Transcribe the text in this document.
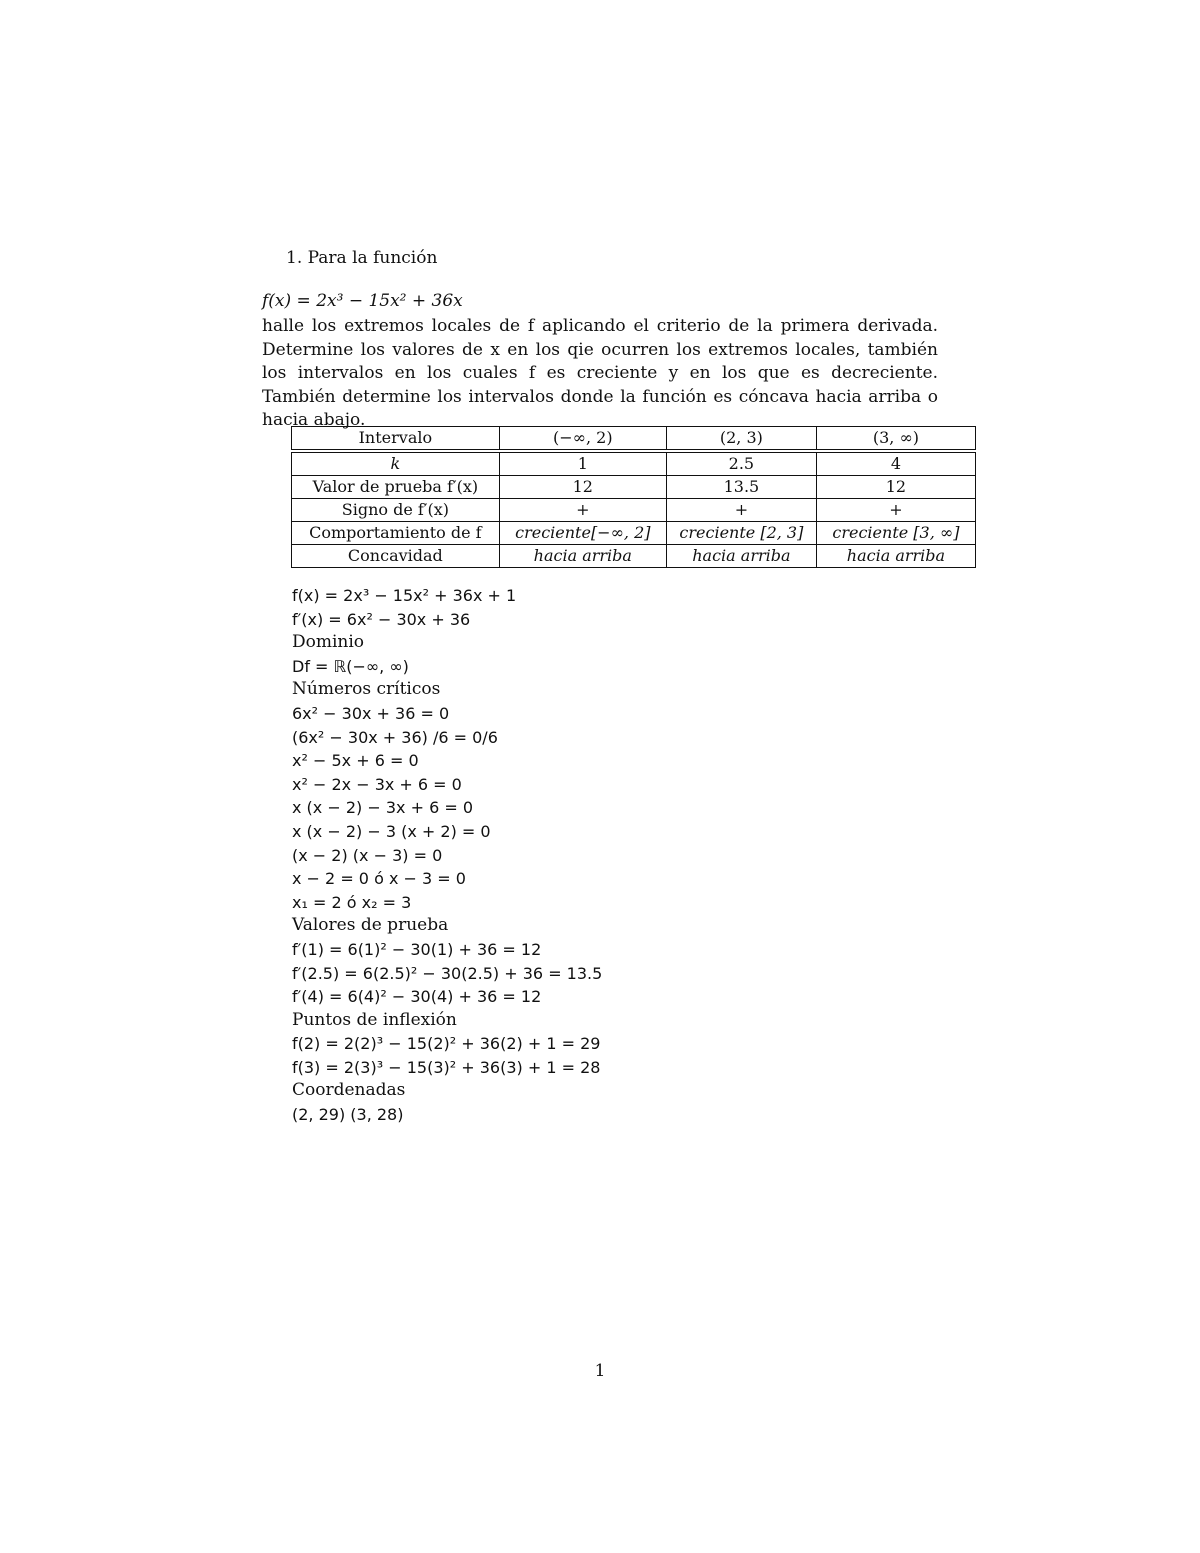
1. Para la función
f(x) = 2x³ − 15x² + 36x
halle los extremos locales de f aplicando el criterio de la primera derivada. Determine los valores de x en los qie ocurren los extremos locales, también los intervalos en los cuales f es creciente y en los que es decreciente. También determine los intervalos donde la función es cóncava hacia arriba o hacia abajo.
Intervalo	(−∞, 2)	(2, 3)	(3, ∞)
k	1	2.5	4
Valor de prueba f′(x)	12	13.5	12
Signo de f′(x)	+	+	+
Comportamiento de f	creciente[−∞, 2]	creciente [2, 3]	creciente [3, ∞]
Concavidad	hacia arriba	hacia arriba	hacia arriba
f(x) = 2x³ − 15x² + 36x + 1
f′(x) = 6x² − 30x + 36
Dominio
Df = ℝ(−∞, ∞)
Números críticos
6x² − 30x + 36 = 0
(6x² − 30x + 36) /6 = 0/6
x² − 5x + 6 = 0
x² − 2x − 3x + 6 = 0
x (x − 2) − 3x + 6 = 0
x (x − 2) − 3 (x + 2) = 0
(x − 2) (x − 3) = 0
x − 2 = 0 ó x − 3 = 0
x₁ = 2 ó x₂ = 3
Valores de prueba
f′(1) = 6(1)² − 30(1) + 36 = 12
f′(2.5) = 6(2.5)² − 30(2.5) + 36 = 13.5
f′(4) = 6(4)² − 30(4) + 36 = 12
Puntos de inflexión
f(2) = 2(2)³ − 15(2)² + 36(2) + 1 = 29
f(3) = 2(3)³ − 15(3)² + 36(3) + 1 = 28
Coordenadas
(2, 29) (3, 28)
1
